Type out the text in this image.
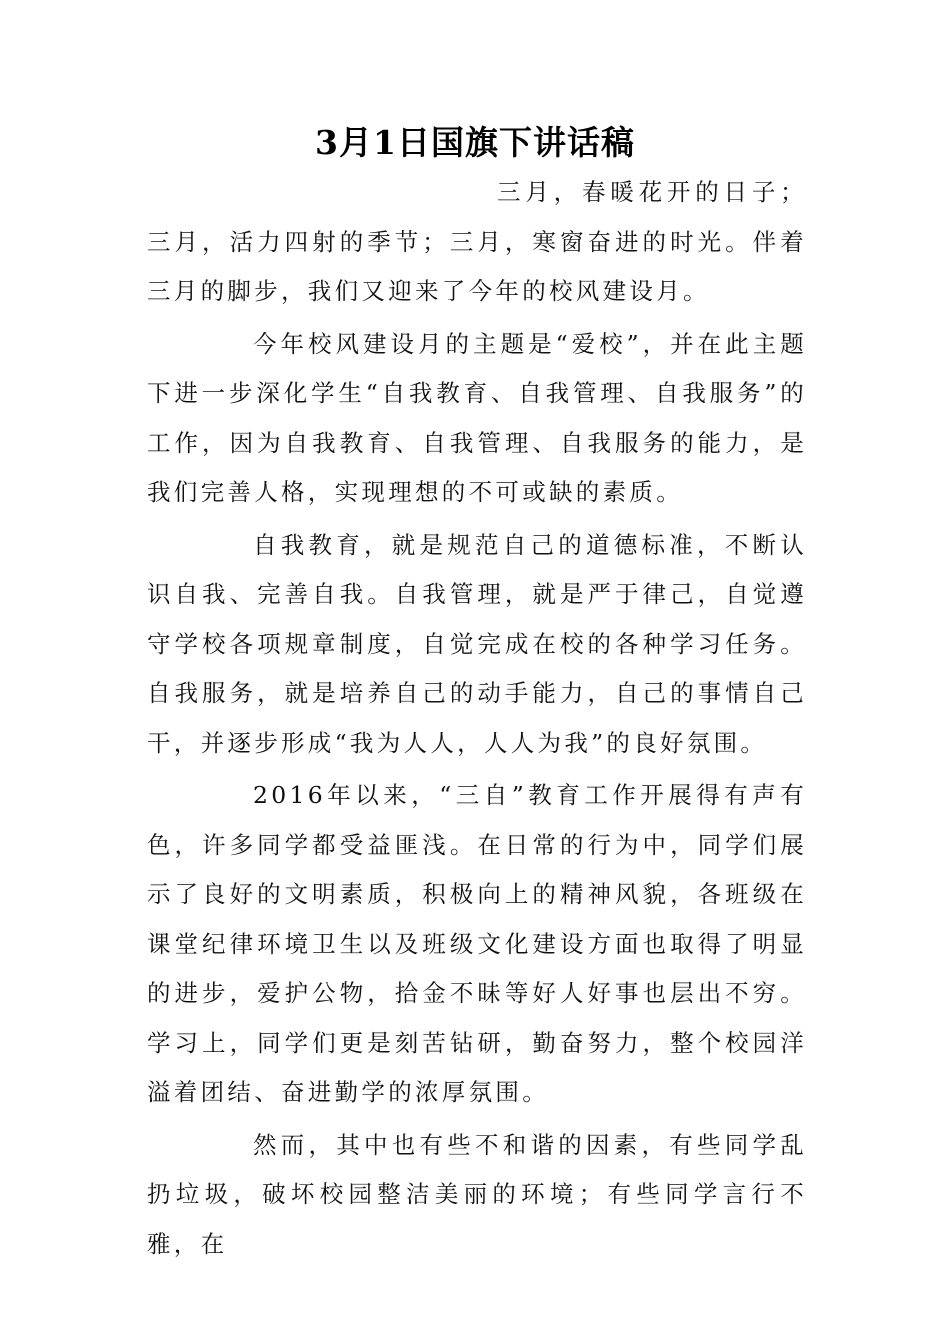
3月1日国旗下讲话稿

三月，春暖花开的日子；三月，活力四射的季节；三月，寒窗奋进的时光。伴着三月的脚步，我们又迎来了今年的校风建设月。

今年校风建设月的主题是“爱校”，并在此主题下进一步深化学生“自我教育、自我管理、自我服务”的工作，因为自我教育、自我管理、自我服务的能力，是我们完善人格，实现理想的不可或缺的素质。

自我教育，就是规范自己的道德标准，不断认识自我、完善自我。自我管理，就是严于律己，自觉遵守学校各项规章制度，自觉完成在校的各种学习任务。自我服务，就是培养自己的动手能力，自己的事情自己干，并逐步形成“我为人人，人人为我”的良好氛围。

2016年以来，“三自”教育工作开展得有声有色，许多同学都受益匪浅。在日常的行为中，同学们展示了良好的文明素质，积极向上的精神风貌，各班级在课堂纪律环境卫生以及班级文化建设方面也取得了明显的进步，爱护公物，拾金不昧等好人好事也层出不穷。学习上，同学们更是刻苦钻研，勤奋努力，整个校园洋溢着团结、奋进勤学的浓厚氛围。

然而，其中也有些不和谐的因素，有些同学乱扔垃圾，破坏校园整洁美丽的环境；有些同学言行不雅，在
